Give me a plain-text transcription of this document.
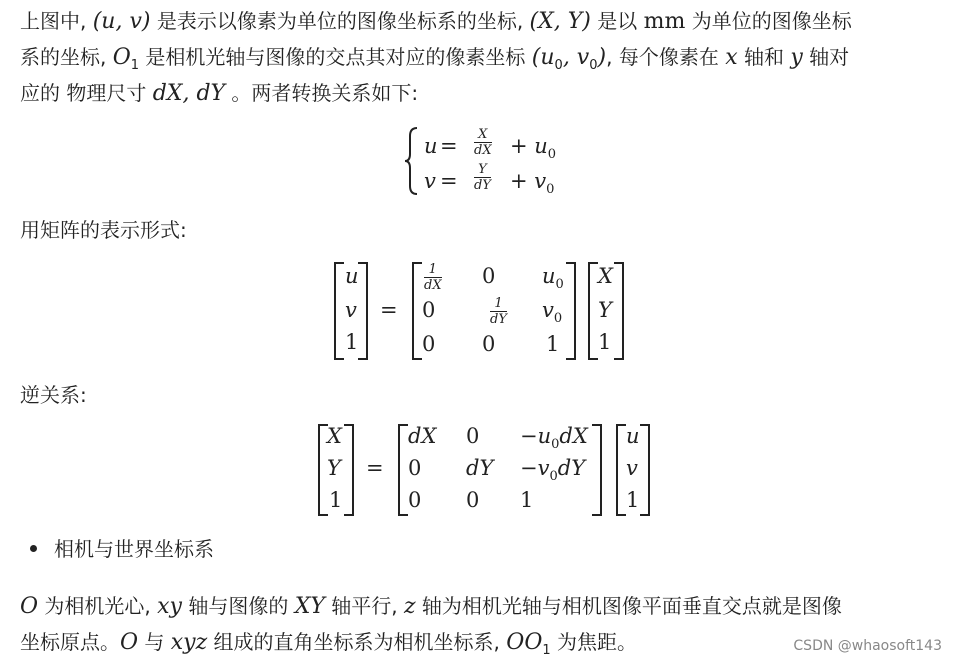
上图中, (u, v) 是表示以像素为单位的图像坐标系的坐标, (X, Y) 是以 mm 为单位的图像坐标
系的坐标, $O_1$ 是相机光轴与图像的交点其对应的像素坐标 ($u_0$, $v_0$), 每个像素在 x 轴和 y 轴对
应的 物理尺寸 dX, dY 。两者转换关系如下:
$u = \frac{X}{dX} + u_0$
$v = \frac{Y}{dY} + v_0$
用矩阵的表示形式:
u
v
1
=
$\frac{1}{dX} 0$ $u_0$
0	$\frac{1}{dY} v_0$
0 0 1
X
Y
1
逆关系:
X
Y
1
=
dX $0 -u_0dX$
0 dY $-v_0dY$
0 0 1
u
v
1
相机与世界坐标系
O 为相机光心, xy 轴与图像的 XY 轴平行, z 轴为相机光轴与相机图像平面垂直交点就是图像
坐标原点。O 与 xyz 组成的直角坐标系为相机坐标系, $OO_1$ 为焦距。	CSDN @whaosoft143
